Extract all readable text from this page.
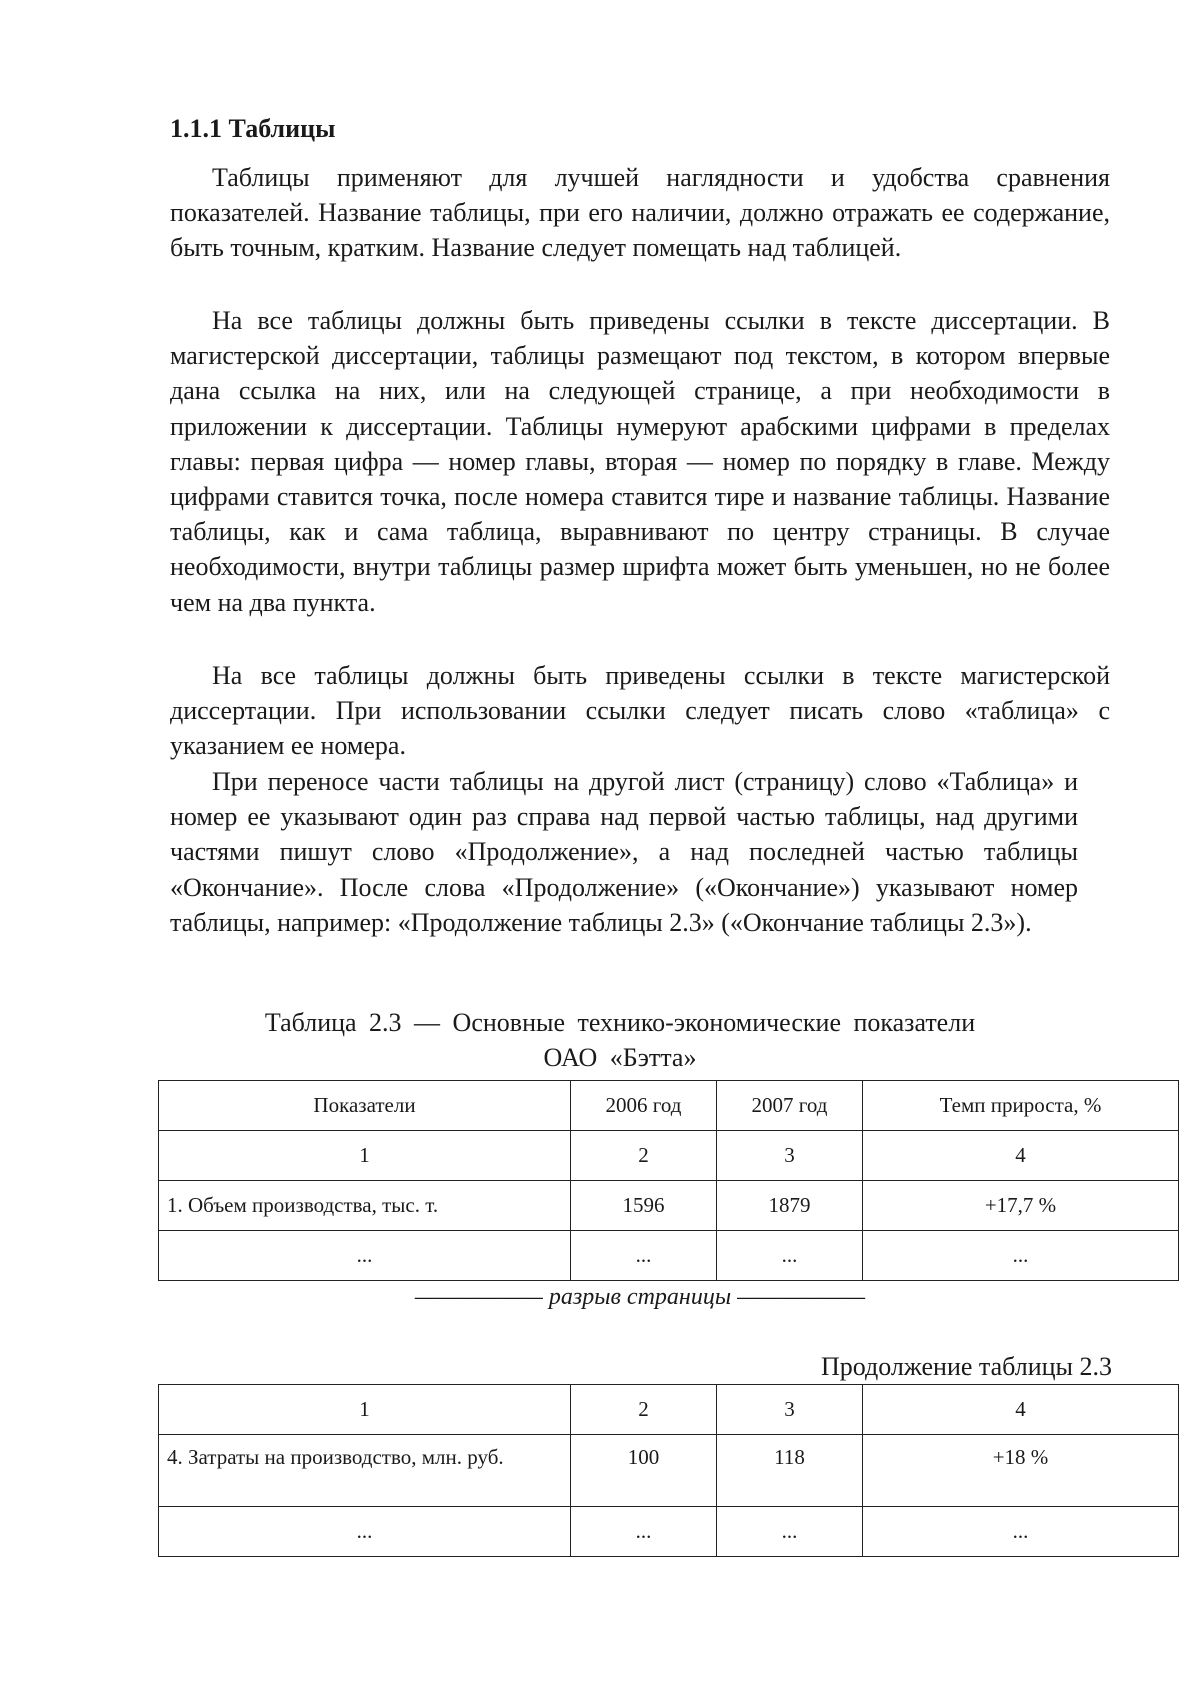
1.1.1 Таблицы

Таблицы применяют для лучшей наглядности и удобства сравнения показателей. Название таблицы, при его наличии, должно отражать ее содержание, быть точным, кратким. Название следует помещать над таблицей.

На все таблицы должны быть приведены ссылки в тексте диссертации. В магистерской диссертации, таблицы размещают под текстом, в котором впервые дана ссылка на них, или на следующей странице, а при необходимости в приложении к диссертации. Таблицы нумеруют арабскими цифрами в пределах главы: первая цифра — номер главы, вторая — номер по порядку в главе. Между цифрами ставится точка, после номера ставится тире и название таблицы. Название таблицы, как и сама таблица, выравнивают по центру страницы. В случае необходимости, внутри таблицы размер шрифта может быть уменьшен, но не более чем на два пункта.

На все таблицы должны быть приведены ссылки в тексте магистерской диссертации. При использовании ссылки следует писать слово «таблица» с указанием ее номера.

При переносе части таблицы на другой лист (страницу) слово «Таблица» и номер ее указывают один раз справа над первой частью таблицы, над другими частями пишут слово «Продолжение», а над последней частью таблицы «Окончание». После слова «Продолжение» («Окончание») указывают номер таблицы, например: «Продолжение таблицы 2.3» («Окончание таблицы 2.3»).

Таблица 2.3 — Основные технико-экономические показатели
ОАО «Бэтта»

Показатели	2006 год	2007 год	Темп прироста, %
1	2	3	4
1. Объем производства, тыс. т.	1596	1879	+17,7 %
...	...	...	...

—————— разрыв страницы ——————

Продолжение таблицы 2.3

1	2	3	4
4. Затраты на производство, млн. руб.	100	118	+18 %
...	...	...	...
